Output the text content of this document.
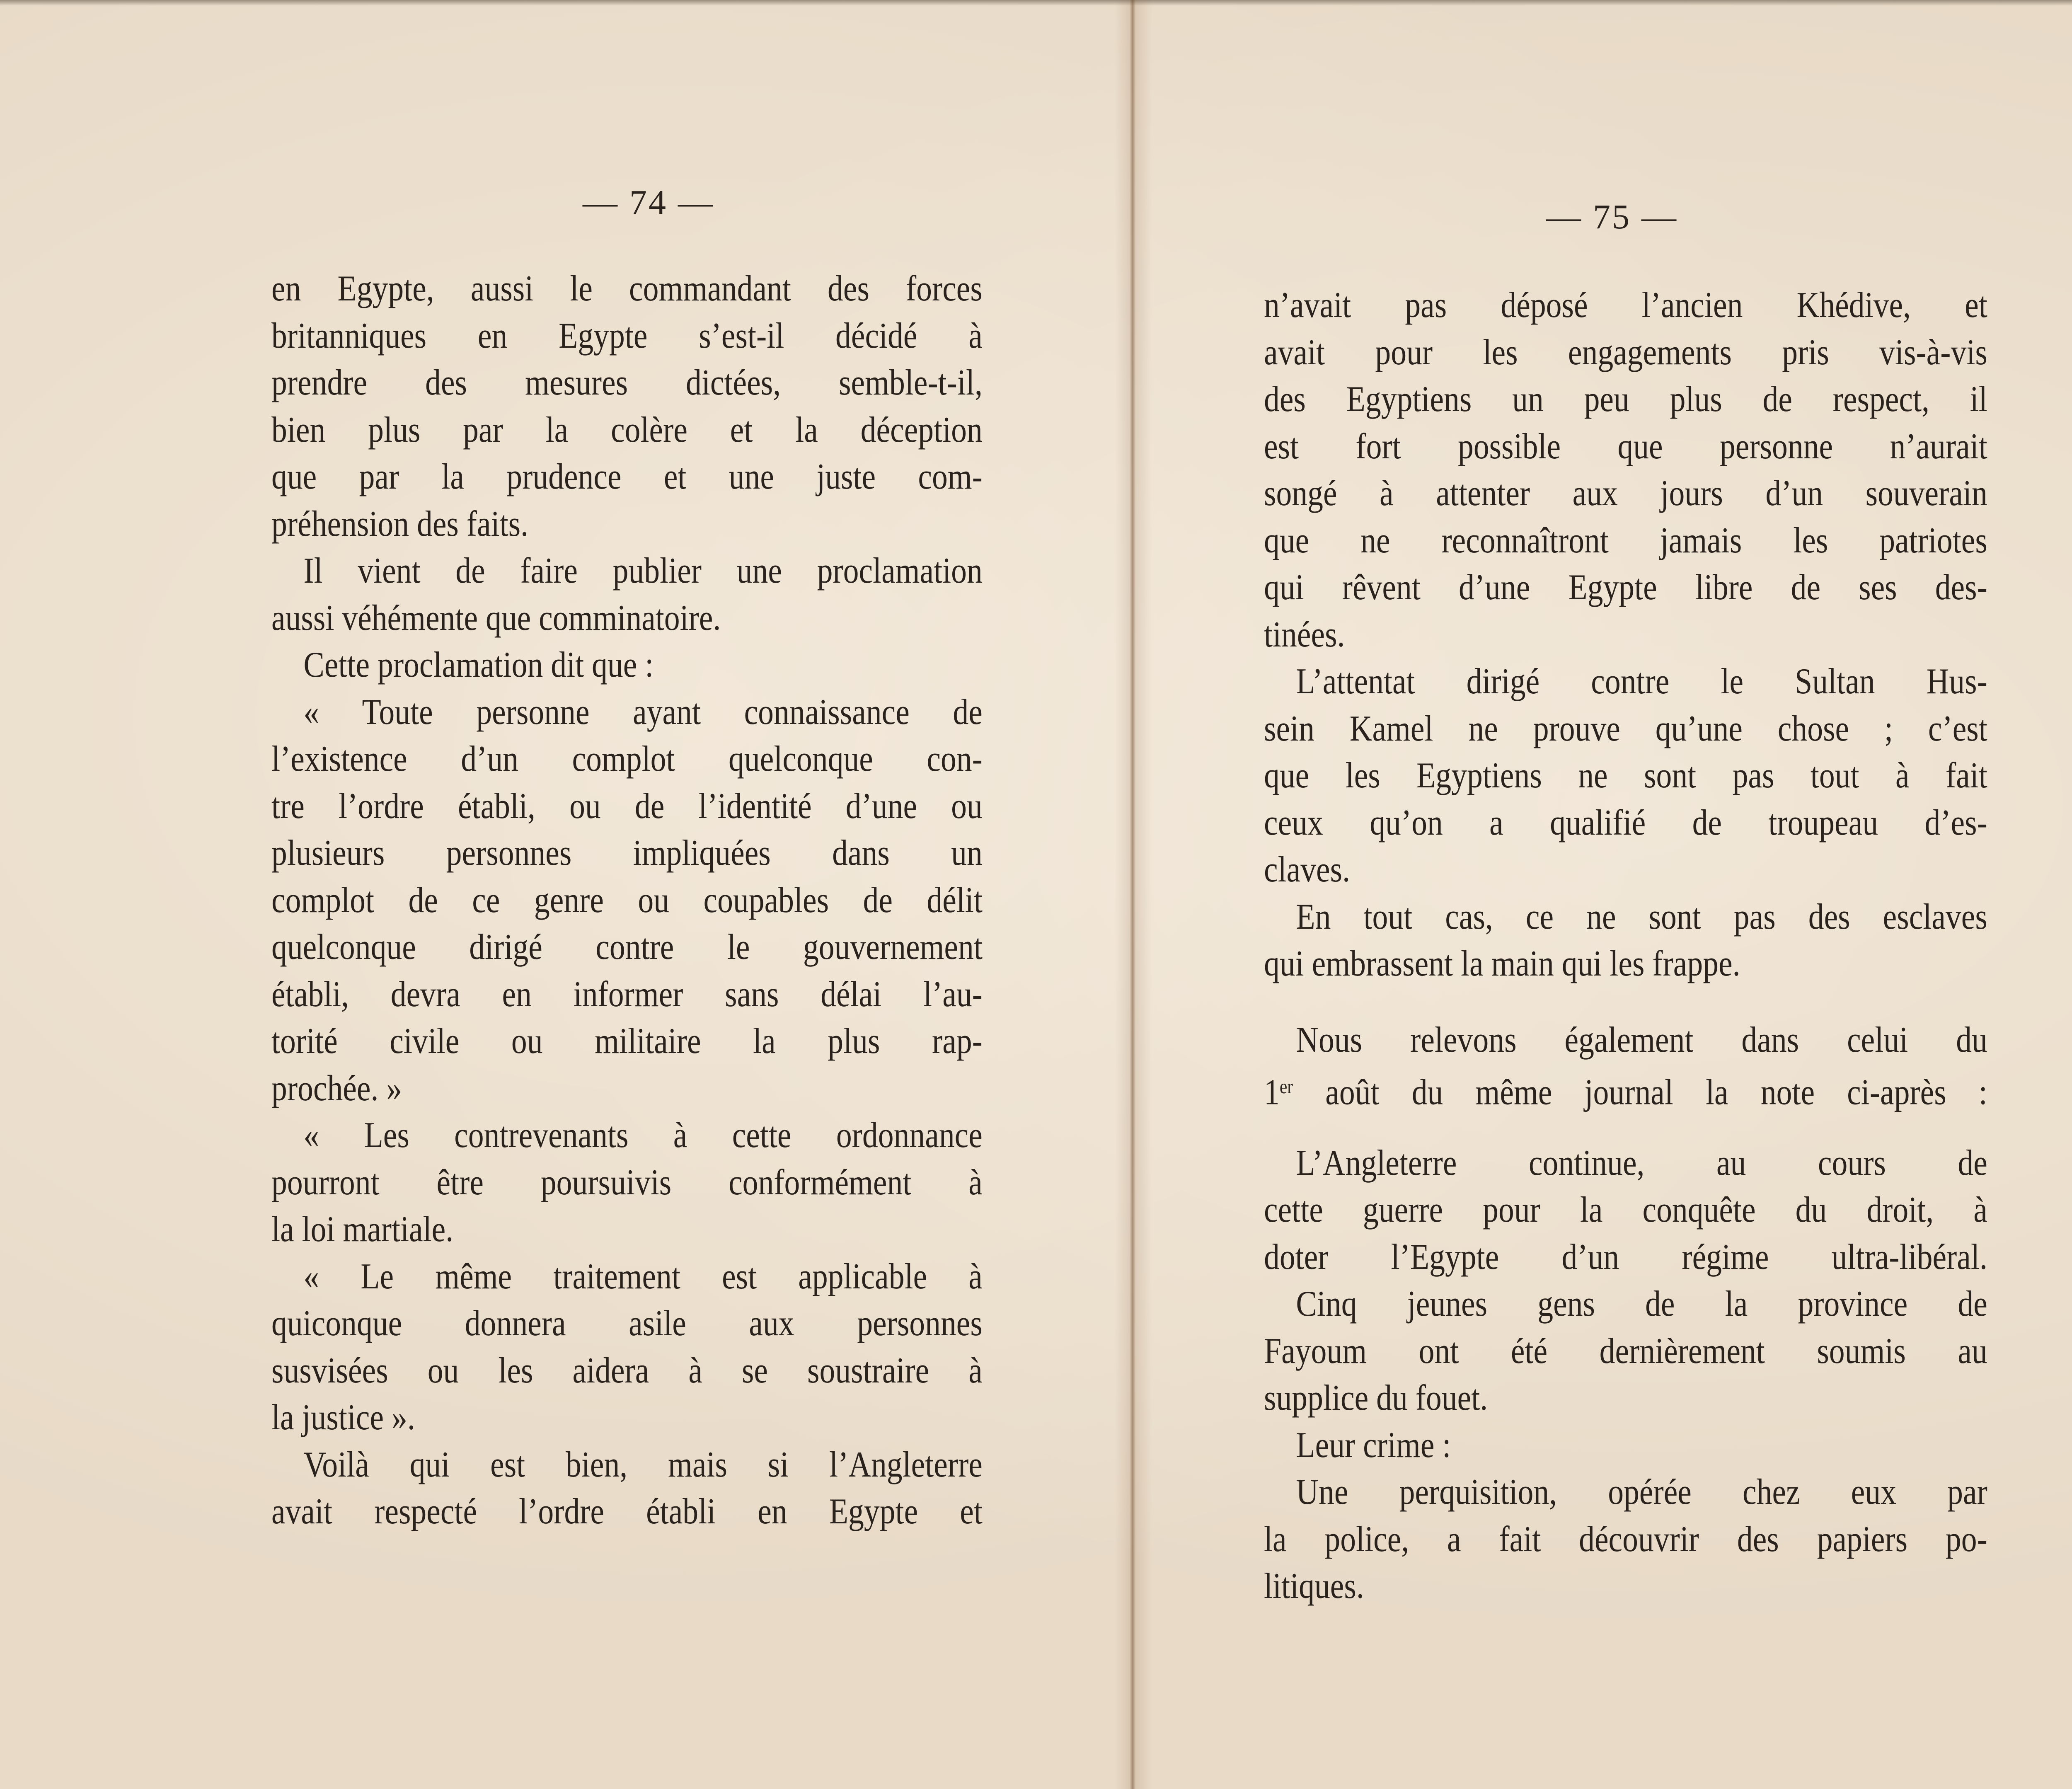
— 74 —
en Egypte, aussi le commandant des forces
britanniques en Egypte s’est-il décidé à
prendre des mesures dictées, semble-t-il,
bien plus par la colère et la déception
que par la prudence et une juste com-
préhension des faits.
Il vient de faire publier une proclamation
aussi véhémente que comminatoire.
Cette proclamation dit que :
« Toute personne ayant connaissance de
l’existence d’un complot quelconque con-
tre l’ordre établi, ou de l’identité d’une ou
plusieurs personnes impliquées dans un
complot de ce genre ou coupables de délit
quelconque dirigé contre le gouvernement
établi, devra en informer sans délai l’au-
torité civile ou militaire la plus rap-
prochée. »
« Les contrevenants à cette ordonnance
pourront être poursuivis conformément à
la loi martiale.
« Le même traitement est applicable à
quiconque donnera asile aux personnes
susvisées ou les aidera à se soustraire à
la justice ».
Voilà qui est bien, mais si l’Angleterre
avait respecté l’ordre établi en Egypte et
— 75 —
n’avait pas déposé l’ancien Khédive, et
avait pour les engagements pris vis-à-vis
des Egyptiens un peu plus de respect, il
est fort possible que personne n’aurait
songé à attenter aux jours d’un souverain
que ne reconnaîtront jamais les patriotes
qui rêvent d’une Egypte libre de ses des-
tinées.
L’attentat dirigé contre le Sultan Hus-
sein Kamel ne prouve qu’une chose ; c’est
que les Egyptiens ne sont pas tout à fait
ceux qu’on a qualifié de troupeau d’es-
claves.
En tout cas, ce ne sont pas des esclaves
qui embrassent la main qui les frappe.
Nous relevons également dans celui du
1er août du même journal la note ci-après :
L’Angleterre continue, au cours de
cette guerre pour la conquête du droit, à
doter l’Egypte d’un régime ultra-libéral.
Cinq jeunes gens de la province de
Fayoum ont été dernièrement soumis au
supplice du fouet.
Leur crime :
Une perquisition, opérée chez eux par
la police, a fait découvrir des papiers po-
litiques.
